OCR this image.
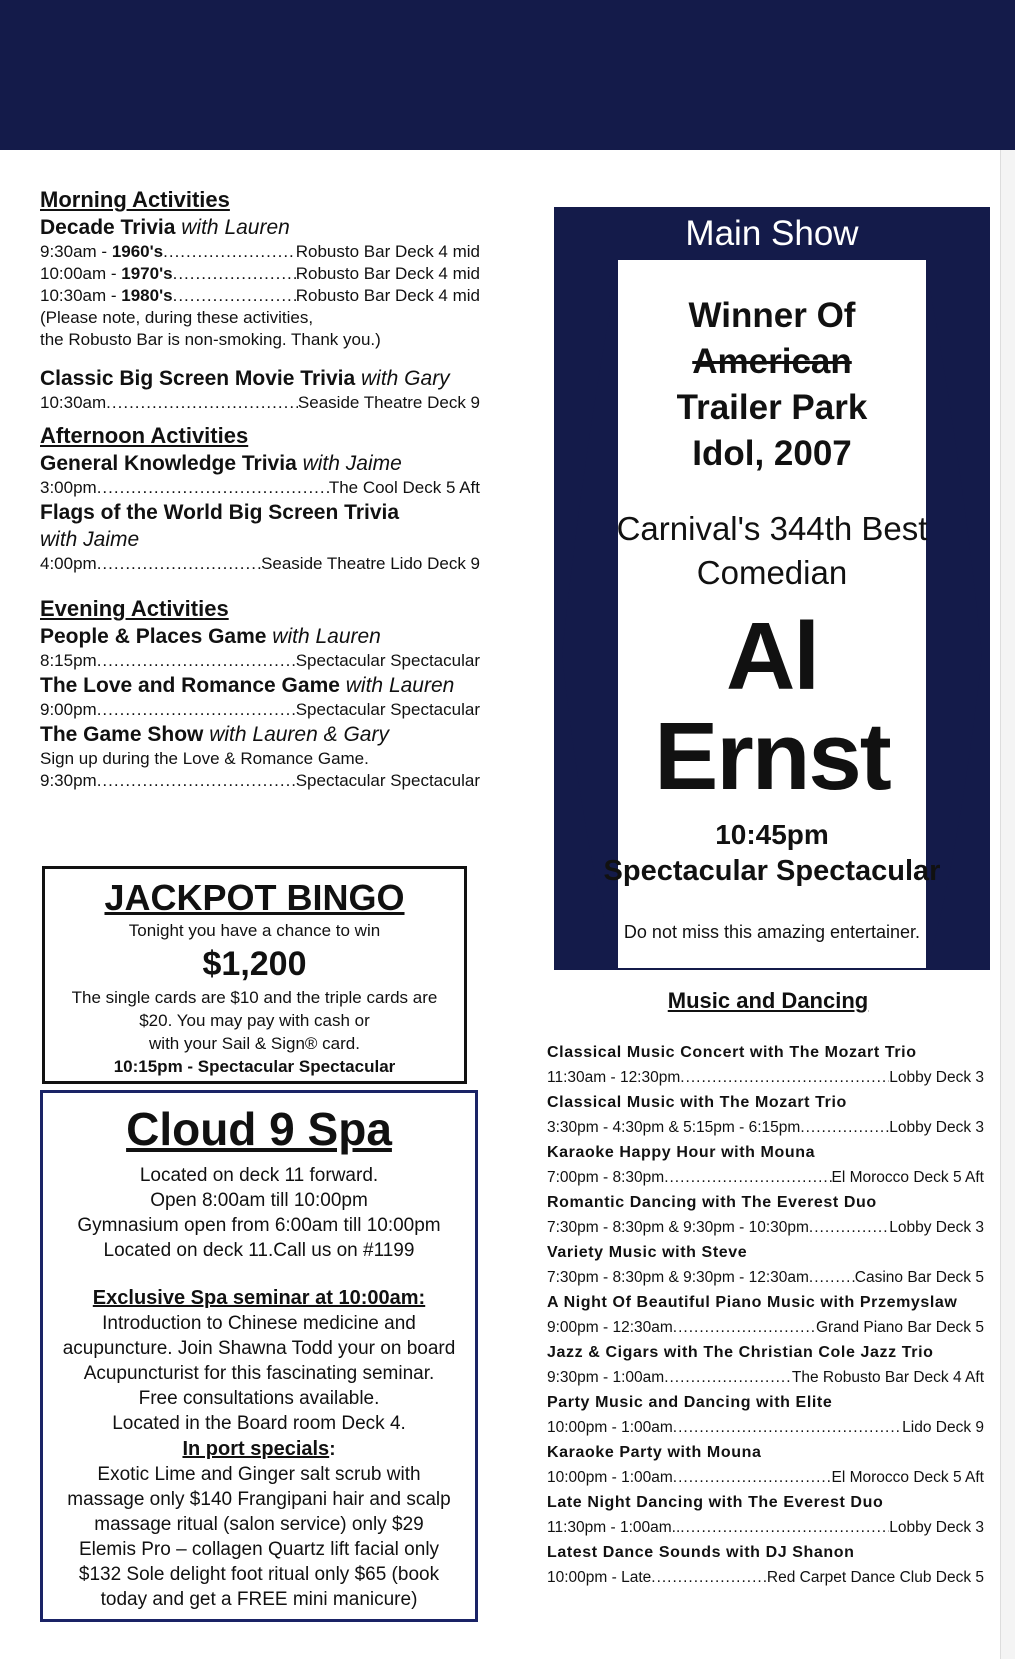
Morning Activities
Decade Trivia with Lauren
9:30am - 1960's .....	Robusto Bar Deck 4 mid
10:00am - 1970's .....	Robusto Bar Deck 4 mid
10:30am - 1980's .....	Robusto Bar Deck 4 mid
(Please note, during these activities,
the Robusto Bar is non-smoking. Thank you.)
Classic Big Screen Movie Trivia with Gary
10:30am .....	Seaside Theatre Deck 9
Afternoon Activities
General Knowledge Trivia with Jaime
3:00pm .....	The Cool Deck 5 Aft
Flags of the World Big Screen Trivia
with Jaime
4:00pm .....	Seaside Theatre Lido Deck 9
Evening Activities
People & Places Game with Lauren
8:15pm .....	Spectacular Spectacular
The Love and Romance Game with Lauren
9:00pm .....	Spectacular Spectacular
The Game Show with Lauren & Gary
Sign up during the Love & Romance Game.
9:30pm .....	Spectacular Spectacular
JACKPOT BINGO
Tonight you have a chance to win
$1,200
The single cards are $10 and the triple cards are
$20. You may pay with cash or
with your Sail & Sign® card.
10:15pm - Spectacular Spectacular
Cloud 9 Spa
Located on deck 11 forward.
Open 8:00am till 10:00pm
Gymnasium open from 6:00am till 10:00pm
Located on deck 11.Call us on #1199
Exclusive Spa seminar at 10:00am:
Introduction to Chinese medicine and
acupuncture. Join Shawna Todd your on board
Acupuncturist for this fascinating seminar.
Free consultations available.
Located in the Board room Deck 4.
In port specials:
Exotic Lime and Ginger salt scrub with
massage only $140 Frangipani hair and scalp
massage ritual (salon service) only $29
Elemis Pro – collagen Quartz lift facial only
$132 Sole delight foot ritual only $65 (book
today and get a FREE mini manicure)
Main Show
Winner Of
American
Trailer Park
Idol, 2007
Carnival's 344th Best
Comedian
Al
Ernst
10:45pm
Spectacular Spectacular
Do not miss this amazing entertainer.
Music and Dancing
Classical Music Concert with The Mozart Trio
11:30am - 12:30pm .....	Lobby Deck 3
Classical Music with The Mozart Trio
3:30pm - 4:30pm & 5:15pm - 6:15pm .....	Lobby Deck 3
Karaoke Happy Hour with Mouna
7:00pm - 8:30pm .....	El Morocco Deck 5 Aft
Romantic Dancing with The Everest Duo
7:30pm - 8:30pm & 9:30pm - 10:30pm .....	Lobby Deck 3
Variety Music with Steve
7:30pm - 8:30pm & 9:30pm - 12:30am .....	Casino Bar Deck 5
A Night Of Beautiful Piano Music with Przemyslaw
9:00pm - 12:30am .....	Grand Piano Bar Deck 5
Jazz & Cigars with The Christian Cole Jazz Trio
9:30pm - 1:00am .....	The Robusto Bar Deck 4 Aft
Party Music and Dancing with Elite
10:00pm - 1:00am .....	Lido Deck 9
Karaoke Party with Mouna
10:00pm - 1:00am .....	El Morocco Deck 5 Aft
Late Night Dancing with The Everest Duo
11:30pm - 1:00am.. .....	Lobby Deck 3
Latest Dance Sounds with DJ Shanon
10:00pm - Late .....	Red Carpet Dance Club Deck 5
